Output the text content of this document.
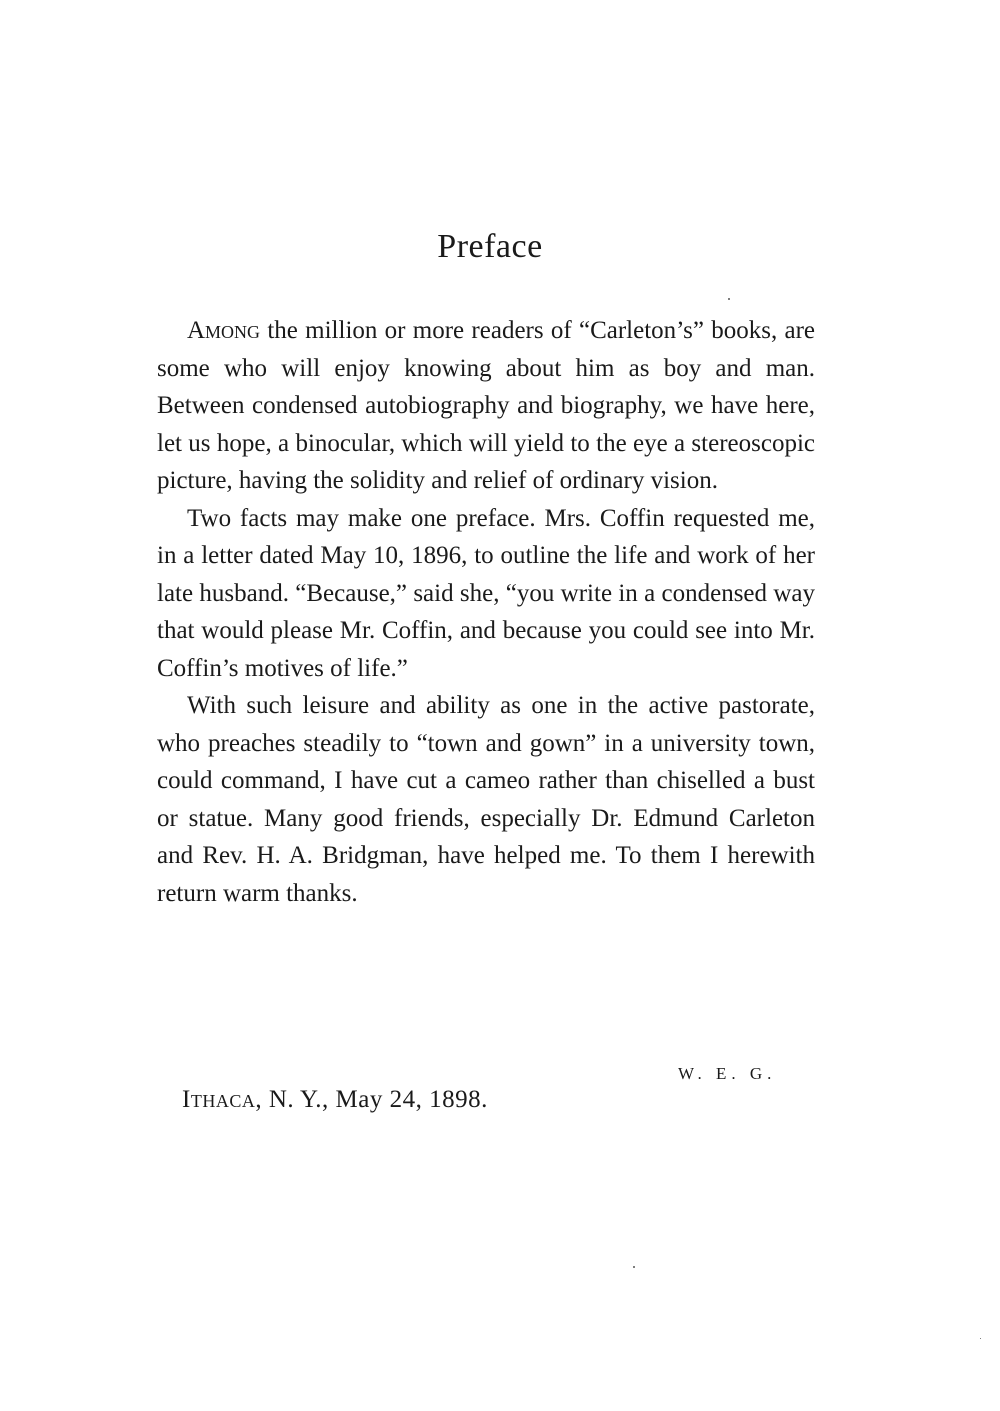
Preface

Among the million or more readers of “Carleton’s” books, are some who will enjoy knowing about him as boy and man. Between condensed autobiography and biography, we have here, let us hope, a binocular, which will yield to the eye a stereoscopic picture, having the solidity and relief of ordinary vision.

Two facts may make one preface. Mrs. Coffin requested me, in a letter dated May 10, 1896, to outline the life and work of her late husband. “Because,” said she, “you write in a condensed way that would please Mr. Coffin, and because you could see into Mr. Coffin’s motives of life.”

With such leisure and ability as one in the active pastorate, who preaches steadily to “town and gown” in a university town, could command, I have cut a cameo rather than chiselled a bust or statue. Many good friends, especially Dr. Edmund Carleton and Rev. H. A. Bridgman, have helped me. To them I herewith return warm thanks.

W. E. G.
Ithaca, N. Y., May 24, 1898.
